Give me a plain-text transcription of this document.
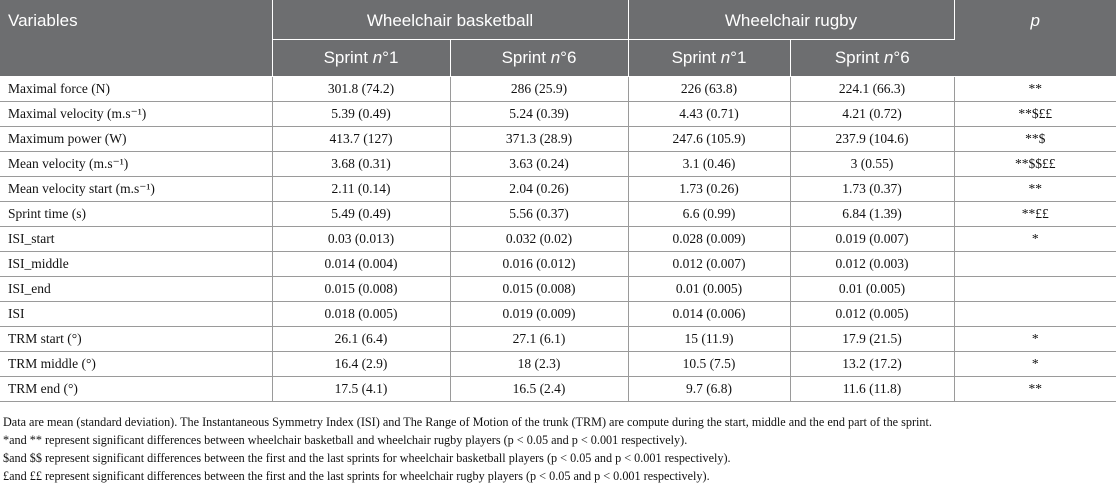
Variables	Wheelchair basketball		Wheelchair rugby		p
	Sprint n°1	Sprint n°6	Sprint n°1	Sprint n°6	
Maximal force (N)	301.8 (74.2)	286 (25.9)	226 (63.8)	224.1 (66.3)	**
Maximal velocity (m.s⁻¹)	5.39 (0.49)	5.24 (0.39)	4.43 (0.71)	4.21 (0.72)	**$££
Maximum power (W)	413.7 (127)	371.3 (28.9)	247.6 (105.9)	237.9 (104.6)	**$
Mean velocity (m.s⁻¹)	3.68 (0.31)	3.63 (0.24)	3.1 (0.46)	3 (0.55)	**$$££
Mean velocity start (m.s⁻¹)	2.11 (0.14)	2.04 (0.26)	1.73 (0.26)	1.73 (0.37)	**
Sprint time (s)	5.49 (0.49)	5.56 (0.37)	6.6 (0.99)	6.84 (1.39)	**££
ISI_start	0.03 (0.013)	0.032 (0.02)	0.028 (0.009)	0.019 (0.007)	*
ISI_middle	0.014 (0.004)	0.016 (0.012)	0.012 (0.007)	0.012 (0.003)	
ISI_end	0.015 (0.008)	0.015 (0.008)	0.01 (0.005)	0.01 (0.005)	
ISI	0.018 (0.005)	0.019 (0.009)	0.014 (0.006)	0.012 (0.005)	
TRM start (°)	26.1 (6.4)	27.1 (6.1)	15 (11.9)	17.9 (21.5)	*
TRM middle (°)	16.4 (2.9)	18 (2.3)	10.5 (7.5)	13.2 (17.2)	*
TRM end (°)	17.5 (4.1)	16.5 (2.4)	9.7 (6.8)	11.6 (11.8)	**

Data are mean (standard deviation). The Instantaneous Symmetry Index (ISI) and The Range of Motion of the trunk (TRM) are compute during the start, middle and the end part of the sprint.

*and ** represent significant differences between wheelchair basketball and wheelchair rugby players (p < 0.05 and p < 0.001 respectively).

$and $$ represent significant differences between the first and the last sprints for wheelchair basketball players (p < 0.05 and p < 0.001 respectively).

£and ££ represent significant differences between the first and the last sprints for wheelchair rugby players (p < 0.05 and p < 0.001 respectively).
